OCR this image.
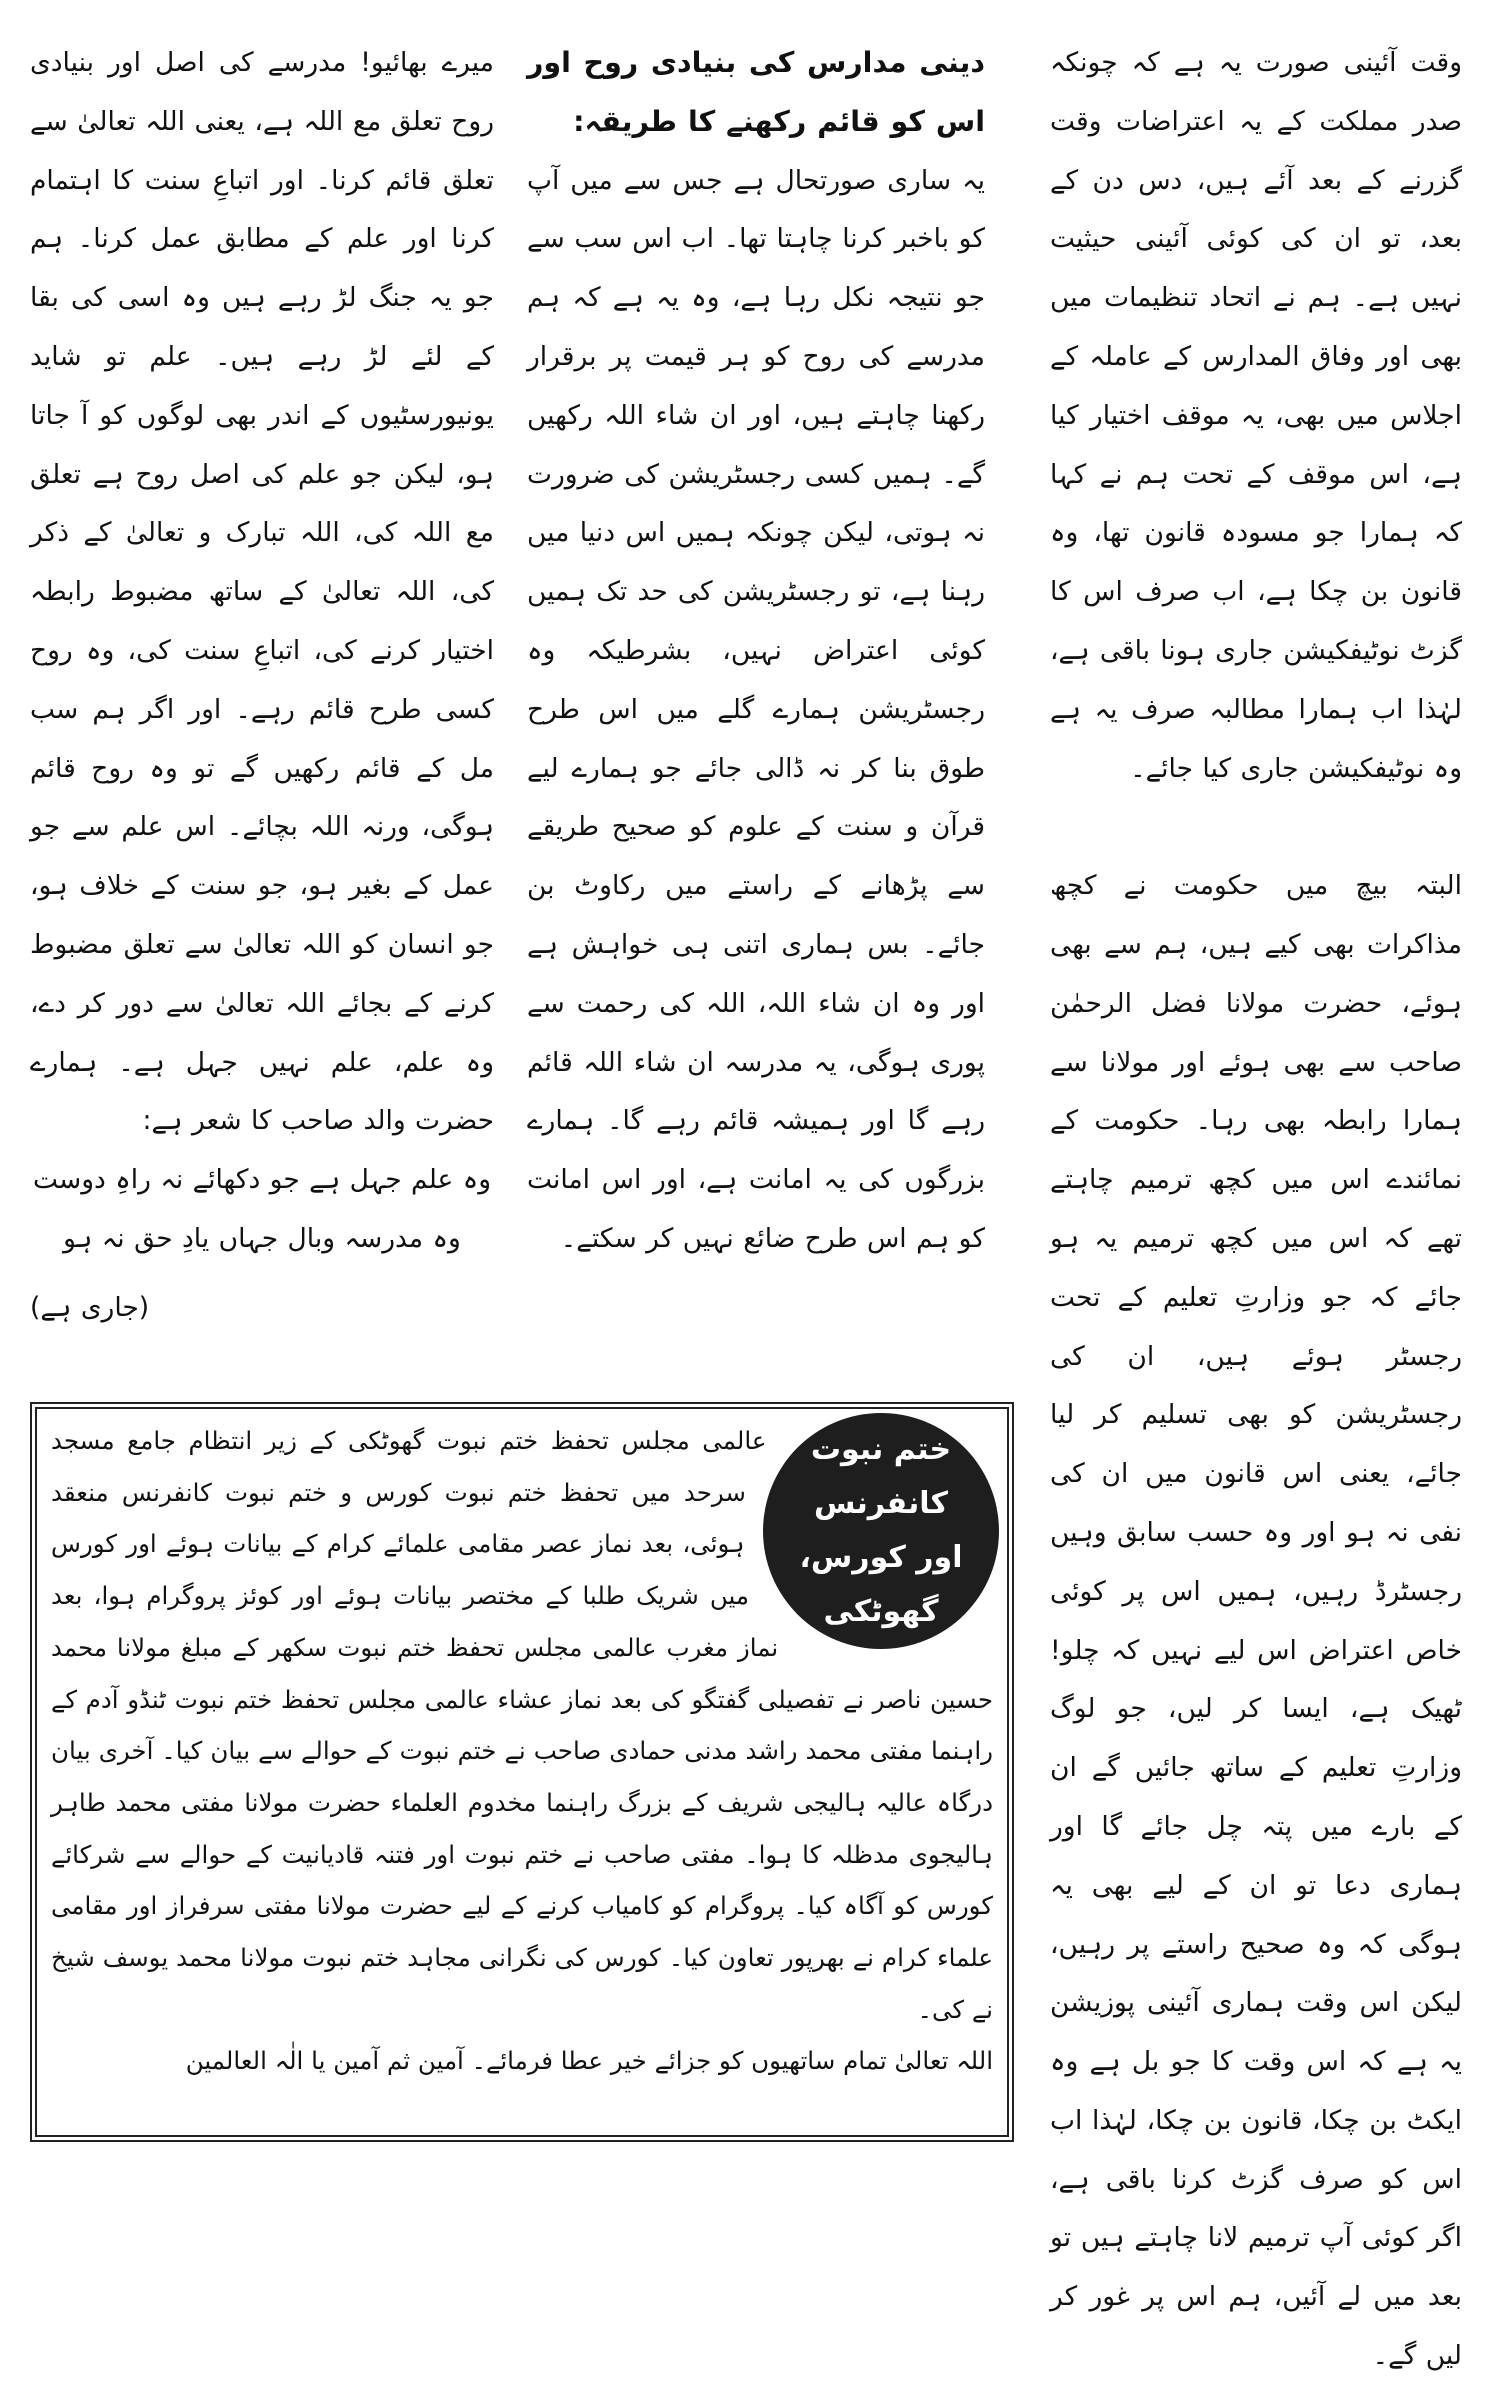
وقت آئینی صورت یہ ہے کہ چونکہ صدر مملکت کے یہ اعتراضات وقت گزرنے کے بعد آئے ہیں، دس دن کے بعد، تو ان کی کوئی آئینی حیثیت نہیں ہے۔ ہم نے اتحاد تنظیمات میں بھی اور وفاق المدارس کے عاملہ کے اجلاس میں بھی، یہ موقف اختیار کیا ہے، اس موقف کے تحت ہم نے کہا کہ ہمارا جو مسودہ قانون تھا، وہ قانون بن چکا ہے، اب صرف اس کا گزٹ نوٹیفکیشن جاری ہونا باقی ہے، لہٰذا اب ہمارا مطالبہ صرف یہ ہے وہ نوٹیفکیشن جاری کیا جائے۔

البتہ بیچ میں حکومت نے کچھ مذاکرات بھی کیے ہیں، ہم سے بھی ہوئے، حضرت مولانا فضل الرحمٰن صاحب سے بھی ہوئے اور مولانا سے ہمارا رابطہ بھی رہا۔ حکومت کے نمائندے اس میں کچھ ترمیم چاہتے تھے کہ اس میں کچھ ترمیم یہ ہو جائے کہ جو وزارتِ تعلیم کے تحت رجسٹر ہوئے ہیں، ان کی رجسٹریشن کو بھی تسلیم کر لیا جائے، یعنی اس قانون میں ان کی نفی نہ ہو اور وہ حسب سابق وہیں رجسٹرڈ رہیں، ہمیں اس پر کوئی خاص اعتراض اس لیے نہیں کہ چلو! ٹھیک ہے، ایسا کر لیں، جو لوگ وزارتِ تعلیم کے ساتھ جائیں گے ان کے بارے میں پتہ چل جائے گا اور ہماری دعا تو ان کے لیے بھی یہ ہوگی کہ وہ صحیح راستے پر رہیں، لیکن اس وقت ہماری آئینی پوزیشن یہ ہے کہ اس وقت کا جو بل ہے وہ ایکٹ بن چکا، قانون بن چکا، لہٰذا اب اس کو صرف گزٹ کرنا باقی ہے، اگر کوئی آپ ترمیم لانا چاہتے ہیں تو بعد میں لے آئیں، ہم اس پر غور کر لیں گے۔

دینی مدارس کی بنیادی روح اور اس کو قائم رکھنے کا طریقہ:

یہ ساری صورتحال ہے جس سے میں آپ کو باخبر کرنا چاہتا تھا۔ اب اس سب سے جو نتیجہ نکل رہا ہے، وہ یہ ہے کہ ہم مدرسے کی روح کو ہر قیمت پر برقرار رکھنا چاہتے ہیں، اور ان شاء اللہ رکھیں گے۔ ہمیں کسی رجسٹریشن کی ضرورت نہ ہوتی، لیکن چونکہ ہمیں اس دنیا میں رہنا ہے، تو رجسٹریشن کی حد تک ہمیں کوئی اعتراض نہیں، بشرطیکہ وہ رجسٹریشن ہمارے گلے میں اس طرح طوق بنا کر نہ ڈالی جائے جو ہمارے لیے قرآن و سنت کے علوم کو صحیح طریقے سے پڑھانے کے راستے میں رکاوٹ بن جائے۔ بس ہماری اتنی ہی خواہش ہے اور وہ ان شاء اللہ، اللہ کی رحمت سے پوری ہوگی، یہ مدرسہ ان شاء اللہ قائم رہے گا اور ہمیشہ قائم رہے گا۔ ہمارے بزرگوں کی یہ امانت ہے، اور اس امانت کو ہم اس طرح ضائع نہیں کر سکتے۔

میرے بھائیو! مدرسے کی اصل اور بنیادی روح تعلق مع اللہ ہے، یعنی اللہ تعالیٰ سے تعلق قائم کرنا۔ اور اتباعِ سنت کا اہتمام کرنا اور علم کے مطابق عمل کرنا۔ ہم جو یہ جنگ لڑ رہے ہیں وہ اسی کی بقا کے لئے لڑ رہے ہیں۔ علم تو شاید یونیورسٹیوں کے اندر بھی لوگوں کو آ جاتا ہو، لیکن جو علم کی اصل روح ہے تعلق مع اللہ کی، اللہ تبارک و تعالیٰ کے ذکر کی، اللہ تعالیٰ کے ساتھ مضبوط رابطہ اختیار کرنے کی، اتباعِ سنت کی، وہ روح کسی طرح قائم رہے۔ اور اگر ہم سب مل کے قائم رکھیں گے تو وہ روح قائم ہوگی، ورنہ اللہ بچائے۔ اس علم سے جو عمل کے بغیر ہو، جو سنت کے خلاف ہو، جو انسان کو اللہ تعالیٰ سے تعلق مضبوط کرنے کے بجائے اللہ تعالیٰ سے دور کر دے، وہ علم، علم نہیں جہل ہے۔ ہمارے حضرت والد صاحب کا شعر ہے:

وہ علم جہل ہے جو دکھائے نہ راہِ دوست

وہ مدرسہ وبال جہاں یادِ حق نہ ہو

(جاری ہے)

ختم نبوت کانفرنس
اور کورس، گھوٹکی

عالمی مجلس تحفظ ختم نبوت گھوٹکی کے زیر انتظام جامع مسجد سرحد میں تحفظ ختم نبوت کورس و ختم نبوت کانفرنس منعقد ہوئی، بعد نماز عصر مقامی علمائے کرام کے بیانات ہوئے اور کورس میں شریک طلبا کے مختصر بیانات ہوئے اور کوئز پروگرام ہوا، بعد نماز مغرب عالمی مجلس تحفظ ختم نبوت سکھر کے مبلغ مولانا محمد حسین ناصر نے تفصیلی گفتگو کی بعد نماز عشاء عالمی مجلس تحفظ ختم نبوت ٹنڈو آدم کے راہنما مفتی محمد راشد مدنی حمادی صاحب نے ختم نبوت کے حوالے سے بیان کیا۔ آخری بیان درگاہ عالیہ ہالیجی شریف کے بزرگ راہنما مخدوم العلماء حضرت مولانا مفتی محمد طاہر ہالیجوی مدظلہ کا ہوا۔ مفتی صاحب نے ختم نبوت اور فتنہ قادیانیت کے حوالے سے شرکائے کورس کو آگاہ کیا۔ پروگرام کو کامیاب کرنے کے لیے حضرت مولانا مفتی سرفراز اور مقامی علماء کرام نے بھرپور تعاون کیا۔ کورس کی نگرانی مجاہد ختم نبوت مولانا محمد یوسف شیخ نے کی۔

اللہ تعالیٰ تمام ساتھیوں کو جزائے خیر عطا فرمائے۔ آمین ثم آمین یا الٰہ العالمین
